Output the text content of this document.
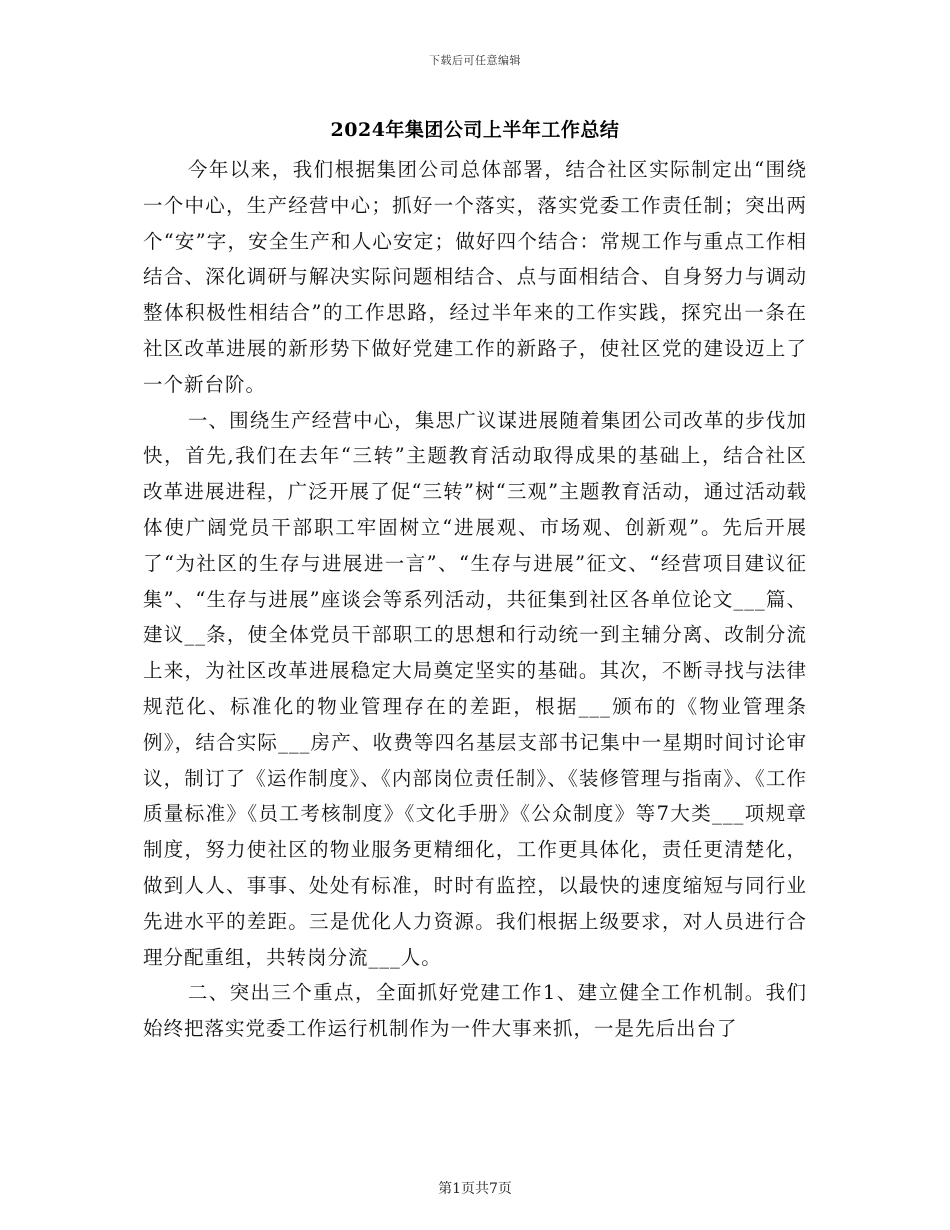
下载后可任意编辑
2024年集团公司上半年工作总结

今年以来，我们根据集团公司总体部署，结合社区实际制定出“围绕一个中心，生产经营中心；抓好一个落实，落实党委工作责任制；突出两个“安”字，安全生产和人心安定；做好四个结合：常规工作与重点工作相结合、深化调研与解决实际问题相结合、点与面相结合、自身努力与调动整体积极性相结合”的工作思路，经过半年来的工作实践，探究出一条在社区改革进展的新形势下做好党建工作的新路子，使社区党的建设迈上了一个新台阶。

一、围绕生产经营中心，集思广议谋进展随着集团公司改革的步伐加快，首先,我们在去年“三转”主题教育活动取得成果的基础上，结合社区改革进展进程，广泛开展了促“三转”树“三观”主题教育活动，通过活动载体使广阔党员干部职工牢固树立“进展观、市场观、创新观”。先后开展了“为社区的生存与进展进一言”、“生存与进展”征文、“经营项目建议征集”、“生存与进展”座谈会等系列活动，共征集到社区各单位论文___篇、建议__条，使全体党员干部职工的思想和行动统一到主辅分离、改制分流上来，为社区改革进展稳定大局奠定坚实的基础。其次，不断寻找与法律规范化、标准化的物业管理存在的差距，根据___颁布的《物业管理条例》，结合实际___房产、收费等四名基层支部书记集中一星期时间讨论审议，制订了《运作制度》、《内部岗位责任制》、《装修管理与指南》、《工作质量标准》《员工考核制度》《文化手册》《公众制度》等7大类___项规章制度，努力使社区的物业服务更精细化，工作更具体化，责任更清楚化，做到人人、事事、处处有标准，时时有监控，以最快的速度缩短与同行业先进水平的差距。三是优化人力资源。我们根据上级要求，对人员进行合理分配重组，共转岗分流___人。

二、突出三个重点，全面抓好党建工作1、建立健全工作机制。我们始终把落实党委工作运行机制作为一件大事来抓，一是先后出台了

第1页共7页
